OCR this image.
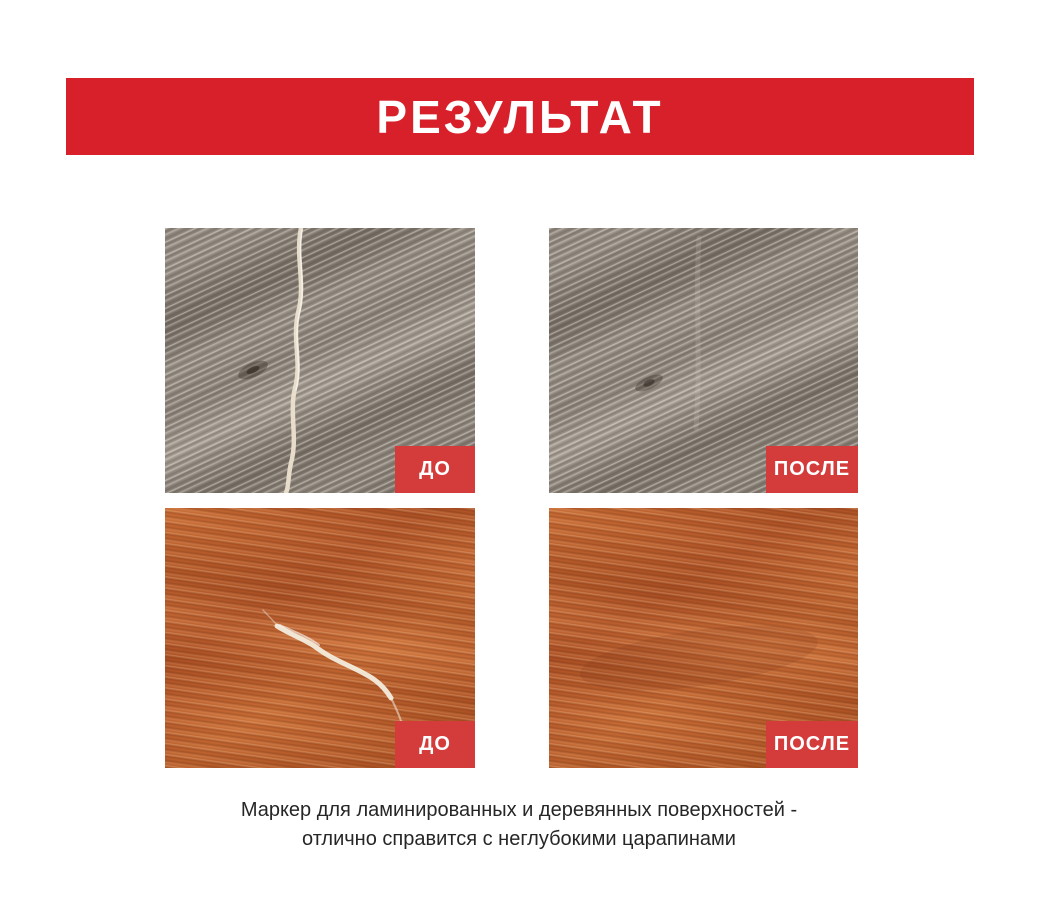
РЕЗУЛЬТАТ
ДО	ПОСЛЕ
ДО	ПОСЛЕ
Маркер для ламинированных и деревянных поверхностей -
отлично справится с неглубокими царапинами
